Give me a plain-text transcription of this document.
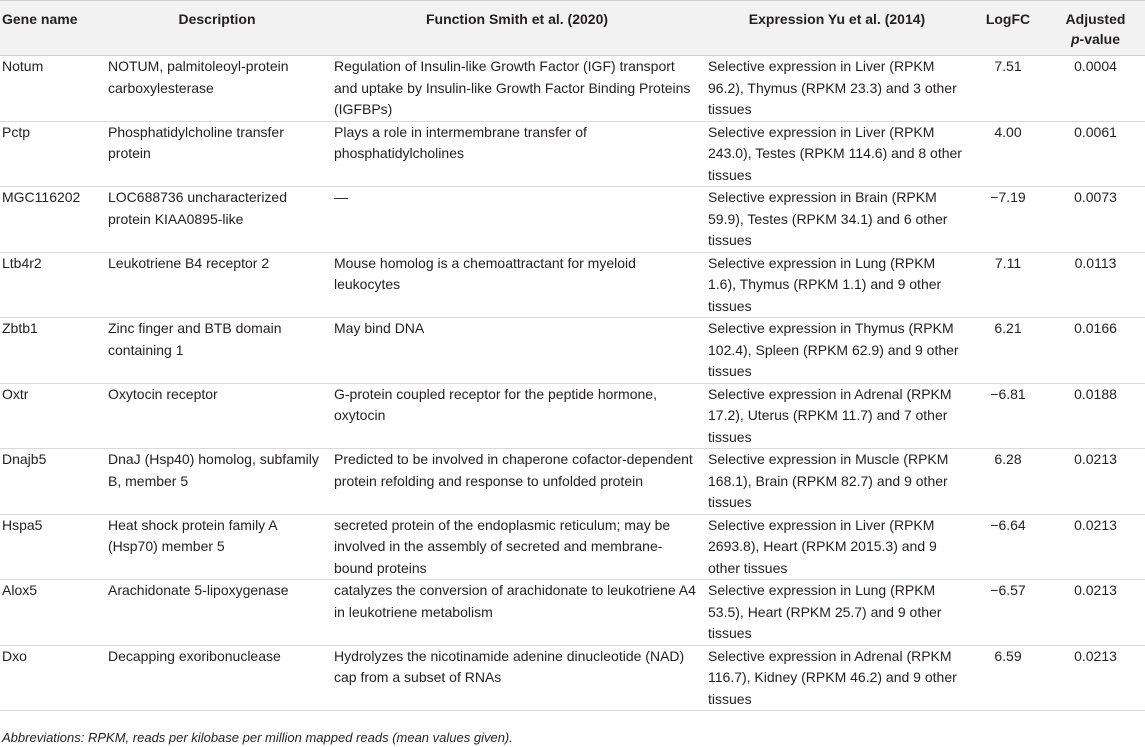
Gene name	Description	Function Smith et al. (2020)	Expression Yu et al. (2014)	LogFC	Adjusted
p-value
Notum	NOTUM, palmitoleoyl-protein carboxylesterase	Regulation of Insulin-like Growth Factor (IGF) transport and uptake by Insulin-like Growth Factor Binding Proteins (IGFBPs)	Selective expression in Liver (RPKM 96.2), Thymus (RPKM 23.3) and 3 other tissues	7.51	0.0004
Pctp	Phosphatidylcholine transfer protein	Plays a role in intermembrane transfer of phosphatidylcholines	Selective expression in Liver (RPKM 243.0), Testes (RPKM 114.6) and 8 other tissues	4.00	0.0061
MGC116202	LOC688736 uncharacterized protein KIAA0895-like	—	Selective expression in Brain (RPKM 59.9), Testes (RPKM 34.1) and 6 other tissues	−7.19	0.0073
Ltb4r2	Leukotriene B4 receptor 2	Mouse homolog is a chemoattractant for myeloid leukocytes	Selective expression in Lung (RPKM 1.6), Thymus (RPKM 1.1) and 9 other tissues	7.11	0.0113
Zbtb1	Zinc finger and BTB domain containing 1	May bind DNA	Selective expression in Thymus (RPKM 102.4), Spleen (RPKM 62.9) and 9 other tissues	6.21	0.0166
Oxtr	Oxytocin receptor	G-protein coupled receptor for the peptide hormone, oxytocin	Selective expression in Adrenal (RPKM 17.2), Uterus (RPKM 11.7) and 7 other tissues	−6.81	0.0188
Dnajb5	DnaJ (Hsp40) homolog, subfamily B, member 5	Predicted to be involved in chaperone cofactor-dependent protein refolding and response to unfolded protein	Selective expression in Muscle (RPKM 168.1), Brain (RPKM 82.7) and 9 other tissues	6.28	0.0213
Hspa5	Heat shock protein family A (Hsp70) member 5	secreted protein of the endoplasmic reticulum; may be involved in the assembly of secreted and membrane-bound proteins	Selective expression in Liver (RPKM 2693.8), Heart (RPKM 2015.3) and 9 other tissues	−6.64	0.0213
Alox5	Arachidonate 5-lipoxygenase	catalyzes the conversion of arachidonate to leukotriene A4 in leukotriene metabolism	Selective expression in Lung (RPKM 53.5), Heart (RPKM 25.7) and 9 other tissues	−6.57	0.0213
Dxo	Decapping exoribonuclease	Hydrolyzes the nicotinamide adenine dinucleotide (NAD) cap from a subset of RNAs	Selective expression in Adrenal (RPKM 116.7), Kidney (RPKM 46.2) and 9 other tissues	6.59	0.0213
Abbreviations: RPKM, reads per kilobase per million mapped reads (mean values given).
